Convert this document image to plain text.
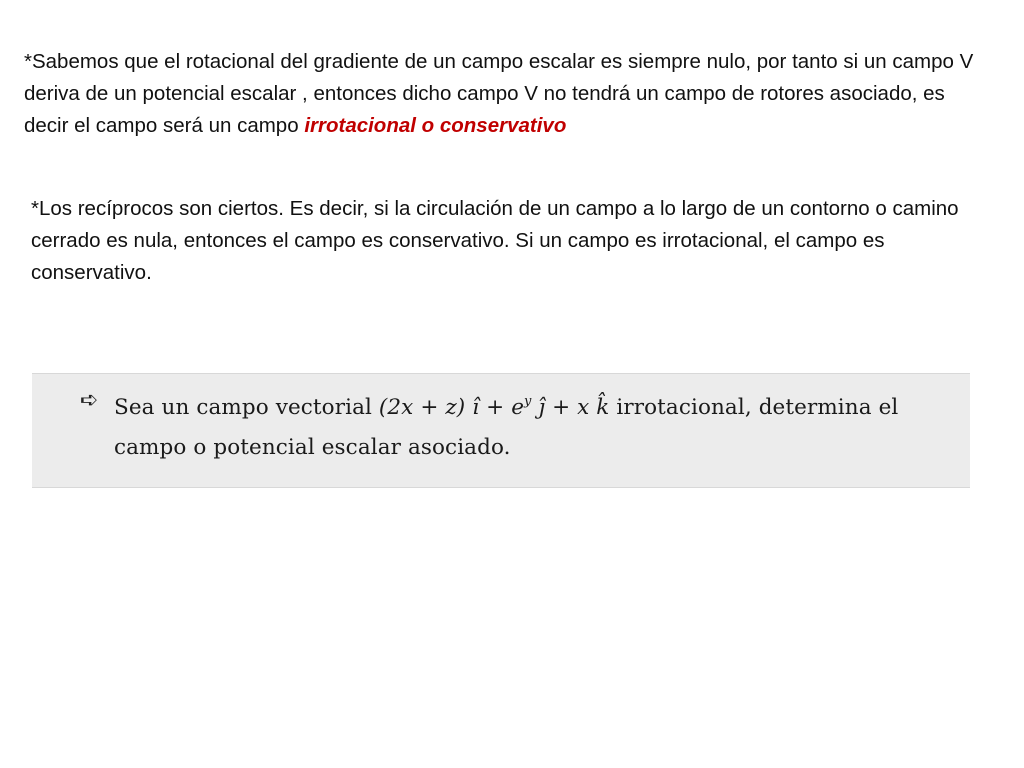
*Sabemos que el rotacional del gradiente de un campo escalar es siempre nulo, por tanto si un campo V deriva de un potencial escalar , entonces dicho campo V no tendrá un campo de rotores asociado, es decir el campo será un campo irrotacional o conservativo

*Los recíprocos son ciertos. Es decir, si la circulación de un campo a lo largo de un contorno o camino cerrado es nula, entonces el campo es conservativo. Si un campo es irrotacional, el campo es conservativo.

➪ Sea un campo vectorial (2x + z) î + $e^y$ ĵ + x k̂ irrotacional, determina el campo o potencial escalar asociado.
